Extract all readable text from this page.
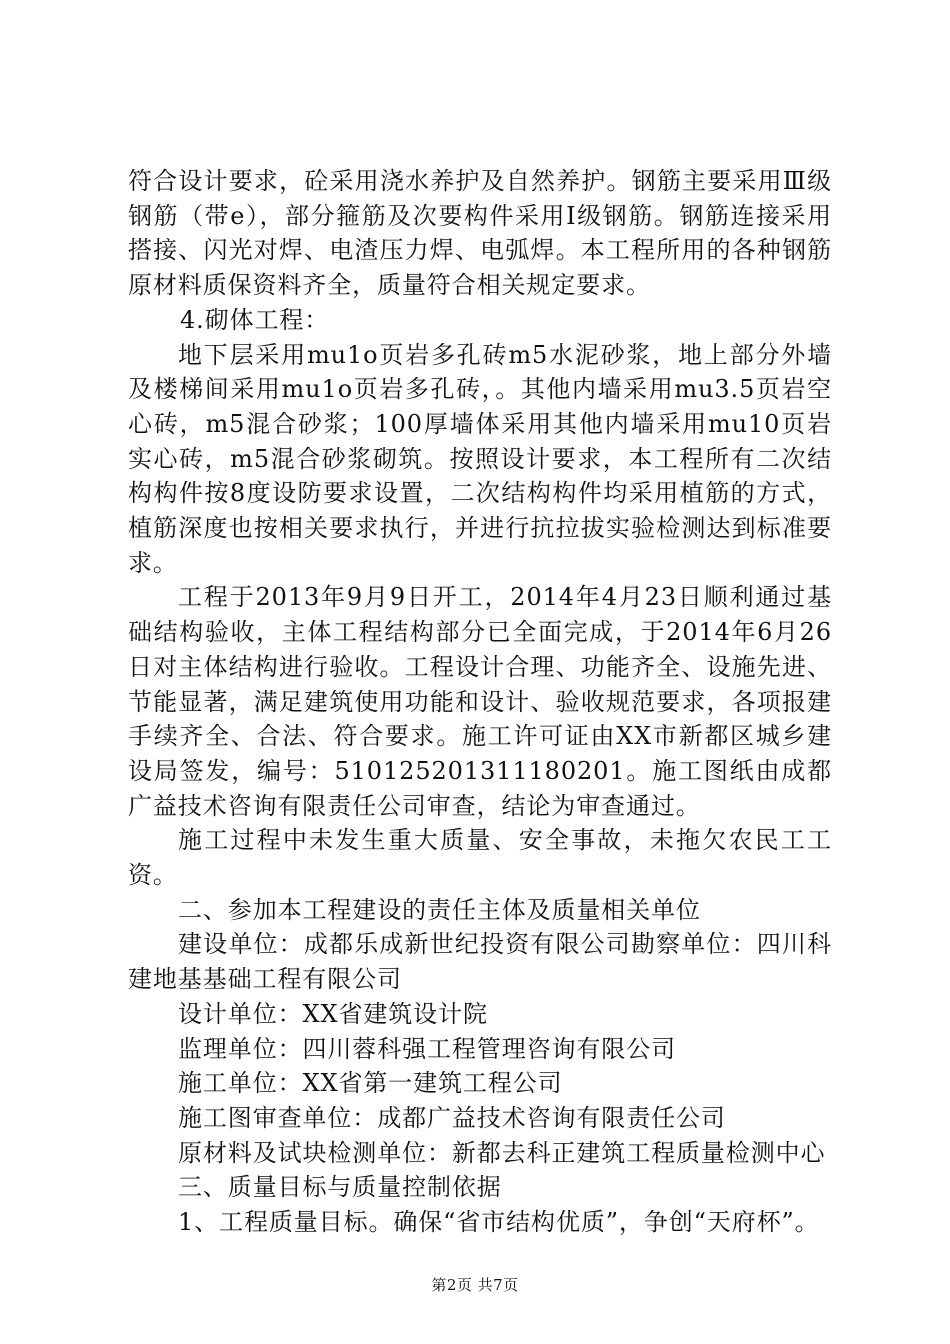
符合设计要求，砼采用浇水养护及自然养护。钢筋主要采用Ⅲ级钢筋（带e），部分箍筋及次要构件采用Ⅰ级钢筋。钢筋连接采用搭接、闪光对焊、电渣压力焊、电弧焊。本工程所用的各种钢筋原材料质保资料齐全，质量符合相关规定要求。

4.砌体工程：

地下层采用mu1o页岩多孔砖m5水泥砂浆，地上部分外墙及楼梯间采用mu1o页岩多孔砖，。其他内墙采用mu3.5页岩空心砖，m5混合砂浆；100厚墙体采用其他内墙采用mu10页岩实心砖，m5混合砂浆砌筑。按照设计要求，本工程所有二次结构构件按8度设防要求设置，二次结构构件均采用植筋的方式，植筋深度也按相关要求执行，并进行抗拉拔实验检测达到标准要求。

工程于2013年9月9日开工，2014年4月23日顺利通过基础结构验收，主体工程结构部分已全面完成，于2014年6月26日对主体结构进行验收。工程设计合理、功能齐全、设施先进、节能显著，满足建筑使用功能和设计、验收规范要求，各项报建手续齐全、合法、符合要求。施工许可证由XX市新都区城乡建设局签发，编号：51012520131118020​1。施工图纸由成都广益技术咨询有限责任公司审查，结论为审查通过。

施工过程中未发生重大质量、安全事故，未拖欠农民工工资。

二、参加本工程建设的责任主体及质量相关单位

建设单位：成都乐成新世纪投资有限公司勘察单位：四川科建地基基础工程有限公司

设计单位：XX省建筑设计院

监理单位：四川蓉科强工程管理咨询有限公司

施工单位：XX省第一建筑工程公司

施工图审查单位：成都广益技术咨询有限责任公司

原材料及试块检测单位：新都去科正建筑工程质量检测中心

三、质量目标与质量控制依据

1、工程质量目标。确保“省市结构优质”，争创“天府杯”。

第2页 共7页
